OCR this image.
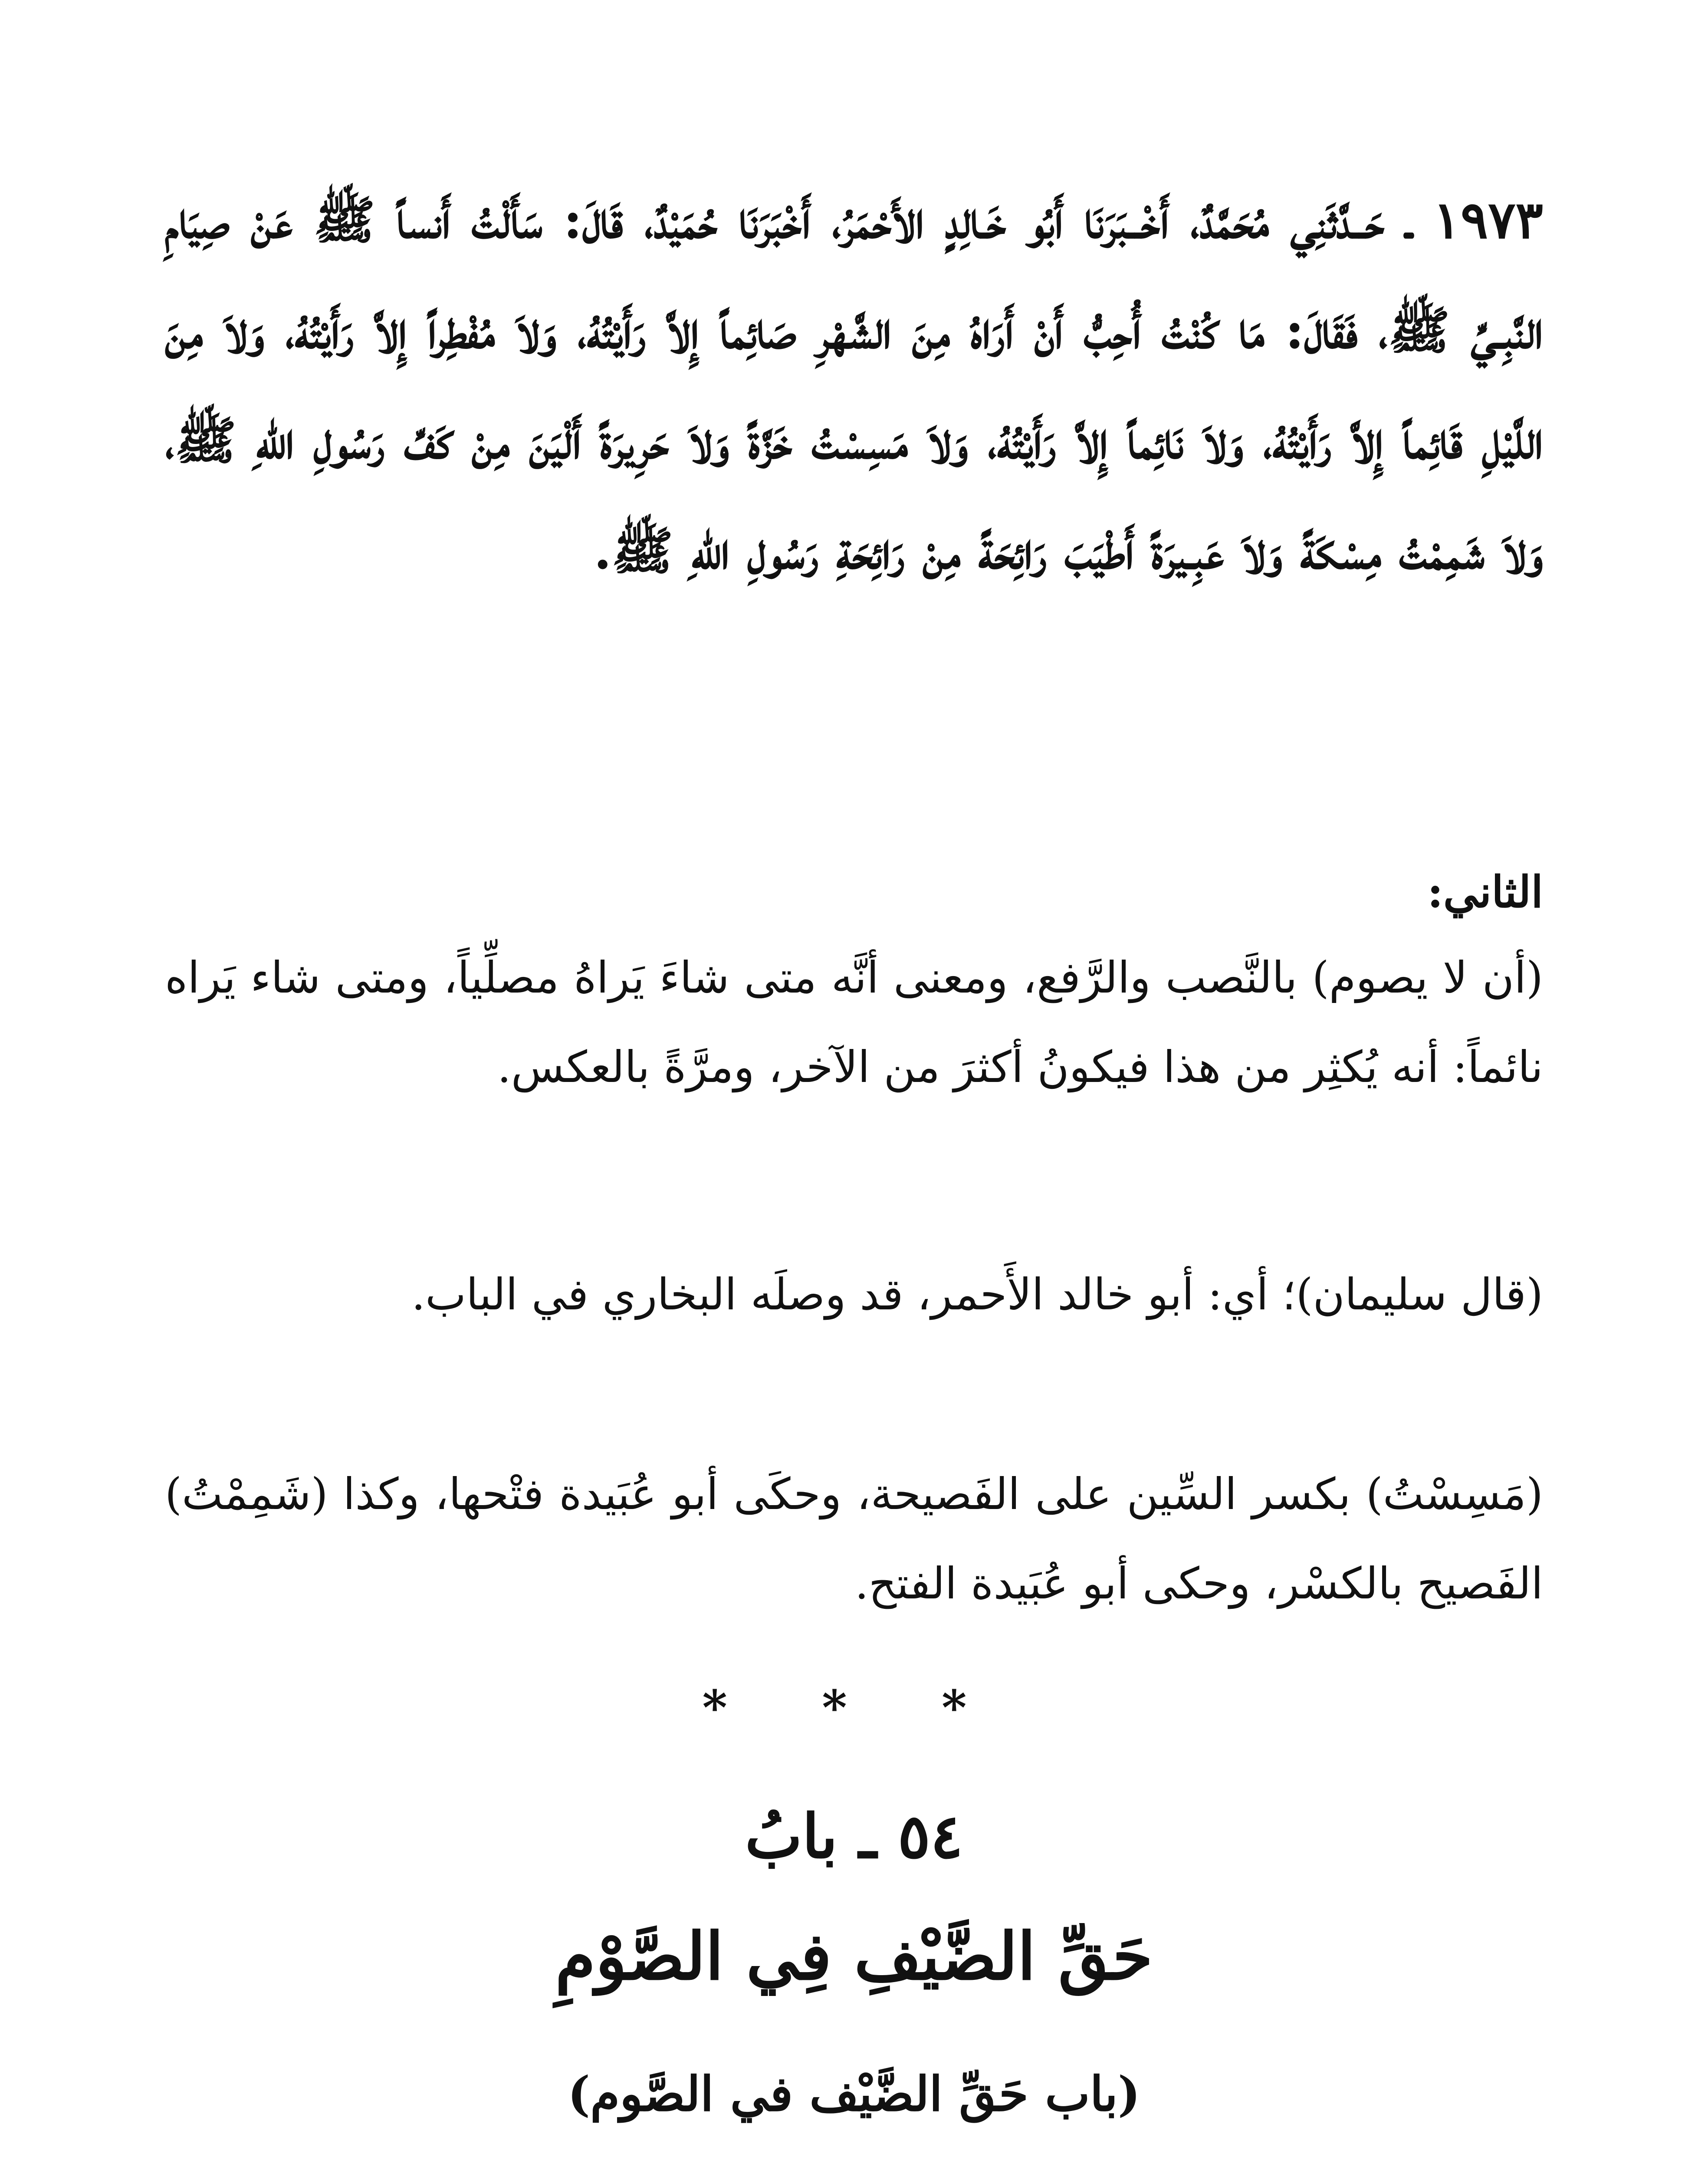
١٩٧٣ ـ حَــدَّثَنِي مُحَمَّدٌ، أَخْــبَرَنَا أَبُو خَـالِدٍ الأَحْمَرُ، أَخْبَرَنَا حُمَيْدٌ، قَالَ: سَأَلْتُ أَنساً ﷺ عَنْ صِيَامِ النَّبِـيِّ ﷺ، فَقَالَ: مَا كُنْتُ أُحِبُّ أَنْ أَرَاهُ مِنَ الشَّهْرِ صَائِماً إِلاَّ رَأَيْتُهُ، وَلاَ مُفْطِراً إِلاَّ رَأَيْتُهُ، وَلاَ مِنَ اللَّيْلِ قَائِماً إِلاَّ رَأَيْتُهُ، وَلاَ نَائِماً إِلاَّ رَأَيْتُهُ، وَلاَ مَسِسْتُ خَزَّةً وَلاَ حَرِيرَةً أَلْيَنَ مِنْ كَفِّ رَسُولِ اللهِ ﷺ، وَلاَ شَمِمْتُ مِسْكَةً وَلاَ عَبِـيرَةً أَطْيَبَ رَائِحَةً مِنْ رَائِحَةِ رَسُولِ اللهِ ﷺ.

الثاني:

(أن لا يصوم) بالنَّصب والرَّفع، ومعنى أنَّه متى شاءَ يَراهُ مصلِّياً، ومتى شاء يَراه نائماً: أنه يُكثِر من هذا فيكونُ أكثرَ من الآخر، ومرَّةً بالعكس.

(قال سليمان)؛ أي: أبو خالد الأَحمر، قد وصلَه البخاري في الباب.

(مَسِسْتُ) بكسر السِّين على الفَصيحة، وحكَى أبو عُبَيدة فتْحها، وكذا (شَمِمْتُ) الفَصيح بالكسْر، وحكى أبو عُبَيدة الفتح.

* * *
٥٤ ـ بابُ
حَقِّ الضَّيْفِ فِي الصَّوْمِ
(باب حَقِّ الضَّيْف في الصَّوم)
